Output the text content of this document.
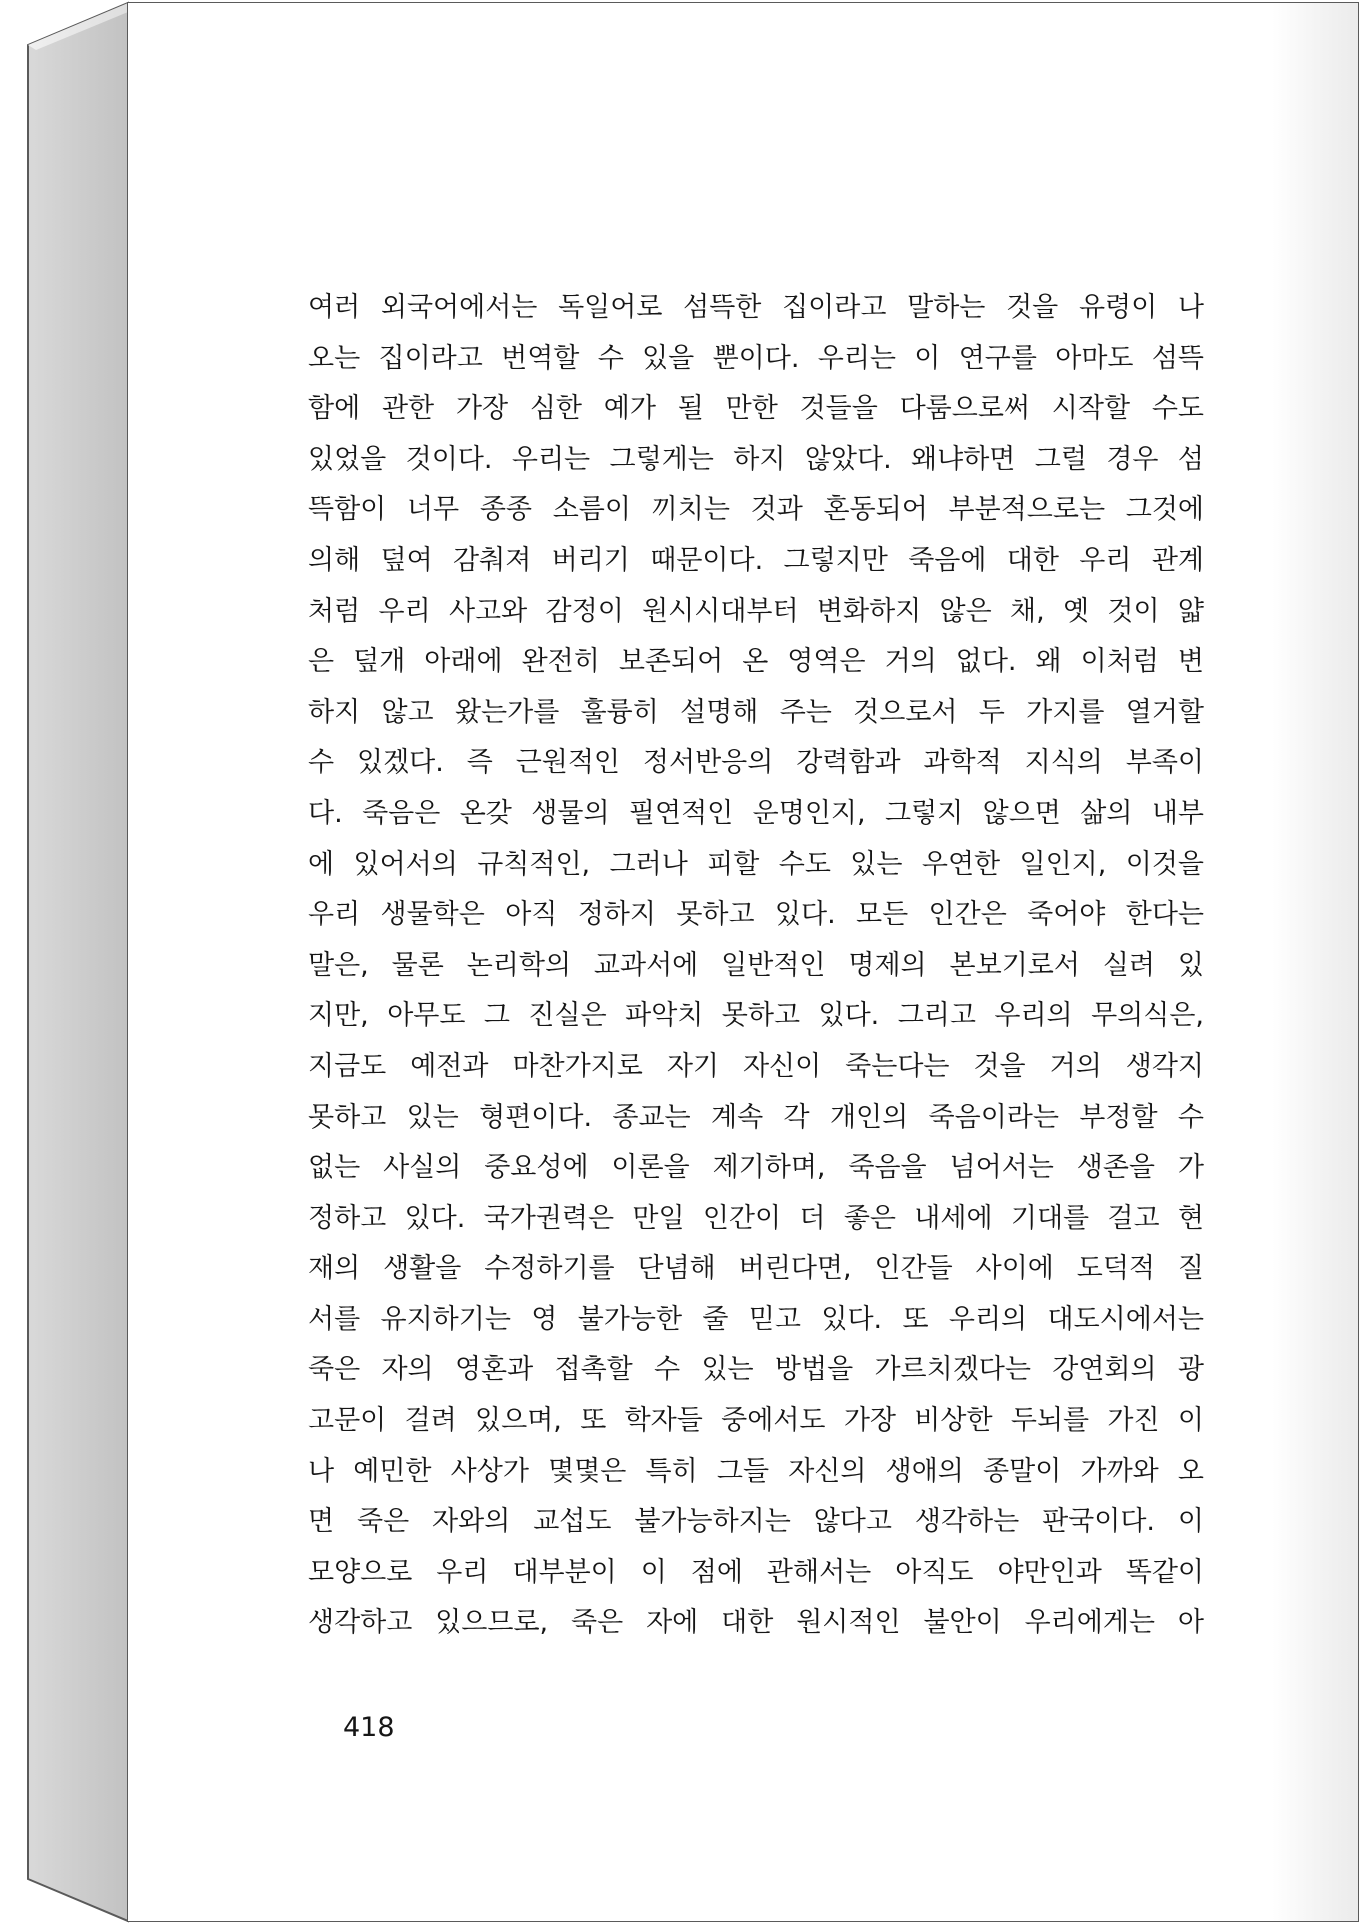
여러 외국어에서는 독일어로 섬뜩한 집이라고 말하는 것을 유령이 나
오는 집이라고 번역할 수 있을 뿐이다. 우리는 이 연구를 아마도 섬뜩
함에 관한 가장 심한 예가 될 만한 것들을 다룸으로써 시작할 수도
있었을 것이다. 우리는 그렇게는 하지 않았다. 왜냐하면 그럴 경우 섬
뜩함이 너무 종종 소름이 끼치는 것과 혼동되어 부분적으로는 그것에
의해 덮여 감춰져 버리기 때문이다. 그렇지만 죽음에 대한 우리 관계
처럼 우리 사고와 감정이 원시시대부터 변화하지 않은 채, 옛 것이 얇
은 덮개 아래에 완전히 보존되어 온 영역은 거의 없다. 왜 이처럼 변
하지 않고 왔는가를 훌륭히 설명해 주는 것으로서 두 가지를 열거할
수 있겠다. 즉 근원적인 정서반응의 강력함과 과학적 지식의 부족이
다. 죽음은 온갖 생물의 필연적인 운명인지, 그렇지 않으면 삶의 내부
에 있어서의 규칙적인, 그러나 피할 수도 있는 우연한 일인지, 이것을
우리 생물학은 아직 정하지 못하고 있다. 모든 인간은 죽어야 한다는
말은, 물론 논리학의 교과서에 일반적인 명제의 본보기로서 실려 있
지만, 아무도 그 진실은 파악치 못하고 있다. 그리고 우리의 무의식은,
지금도 예전과 마찬가지로 자기 자신이 죽는다는 것을 거의 생각지
못하고 있는 형편이다. 종교는 계속 각 개인의 죽음이라는 부정할 수
없는 사실의 중요성에 이론을 제기하며, 죽음을 넘어서는 생존을 가
정하고 있다. 국가권력은 만일 인간이 더 좋은 내세에 기대를 걸고 현
재의 생활을 수정하기를 단념해 버린다면, 인간들 사이에 도덕적 질
서를 유지하기는 영 불가능한 줄 믿고 있다. 또 우리의 대도시에서는
죽은 자의 영혼과 접촉할 수 있는 방법을 가르치겠다는 강연회의 광
고문이 걸려 있으며, 또 학자들 중에서도 가장 비상한 두뇌를 가진 이
나 예민한 사상가 몇몇은 특히 그들 자신의 생애의 종말이 가까와 오
면 죽은 자와의 교섭도 불가능하지는 않다고 생각하는 판국이다. 이
모양으로 우리 대부분이 이 점에 관해서는 아직도 야만인과 똑같이
생각하고 있으므로, 죽은 자에 대한 원시적인 불안이 우리에게는 아

418
